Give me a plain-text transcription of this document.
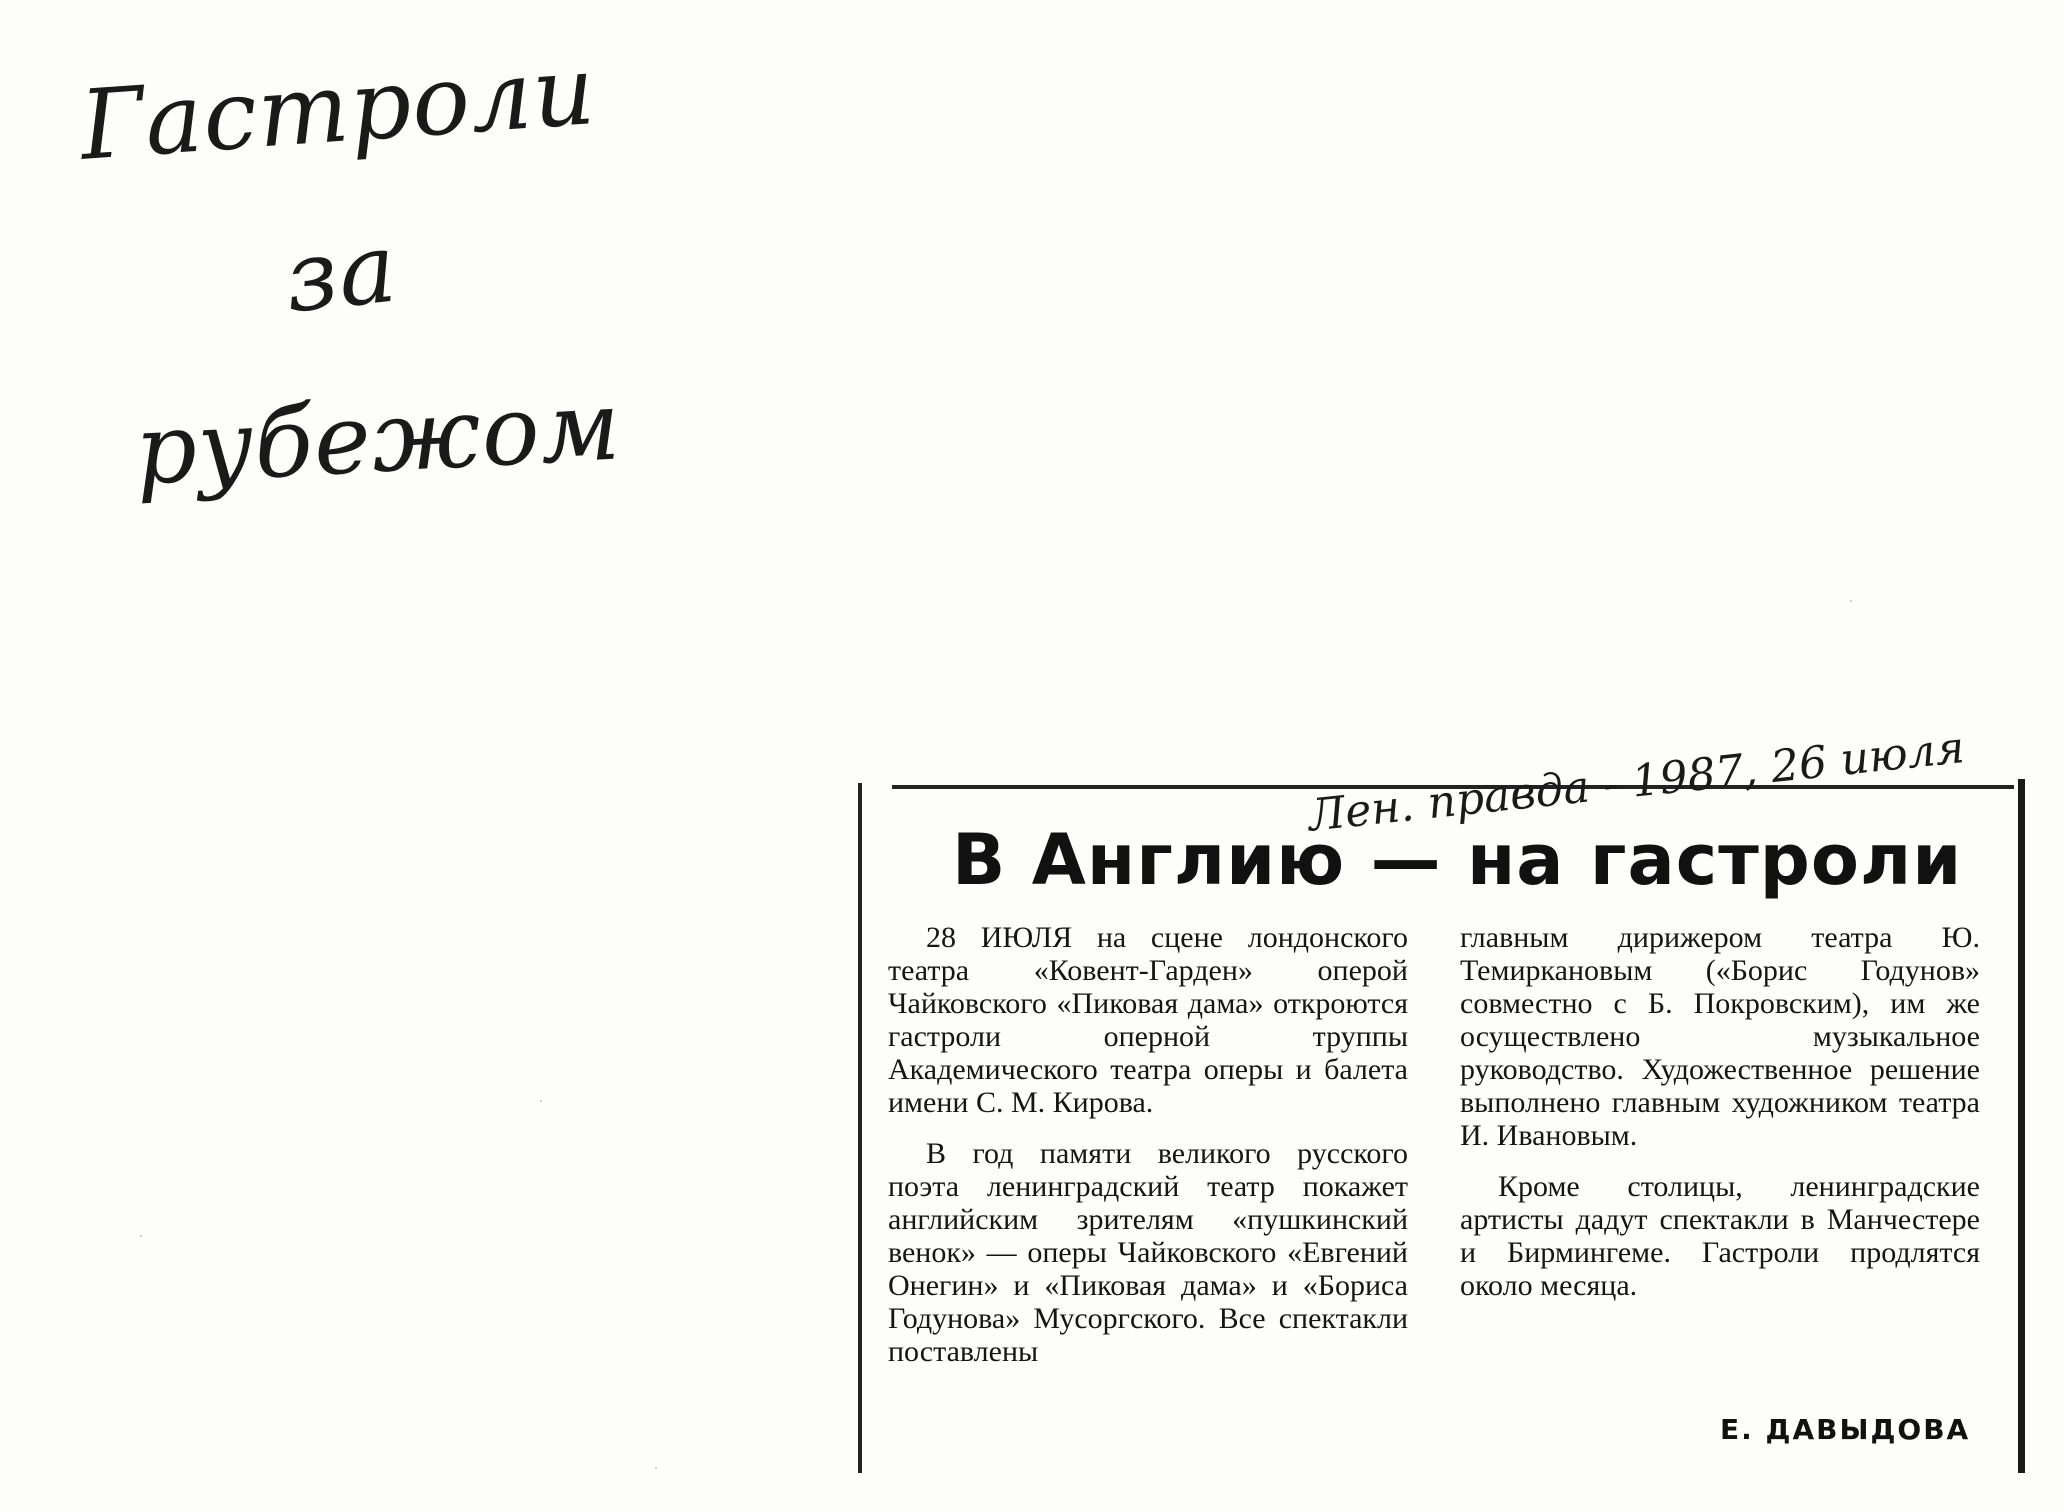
Гастроли
за
рубежом
В Англию — на гастроли
Лен. правда - 1987, 26 июля

28 ИЮЛЯ на сцене лондонского театра «Ковент-Гарден» оперой Чайковского «Пиковая дама» откроются гастроли оперной труппы Академического театра оперы и балета имени С. М. Кирова.

В год памяти великого русского поэта ленинградский театр покажет английским зрителям «пушкинский венок» — оперы Чайковского «Евгений Онегин» и «Пиковая дама» и «Бориса Годунова» Мусоргского. Все спектакли поставлены

главным дирижером театра Ю. Темиркановым («Борис Годунов» совместно с Б. Покровским), им же осуществлено музыкальное руководство. Художественное решение выполнено главным художником театра И. Ивановым.

Кроме столицы, ленинградские артисты дадут спектакли в Манчестере и Бирмингеме. Гастроли продлятся около месяца.

Е. ДАВЫДОВА
